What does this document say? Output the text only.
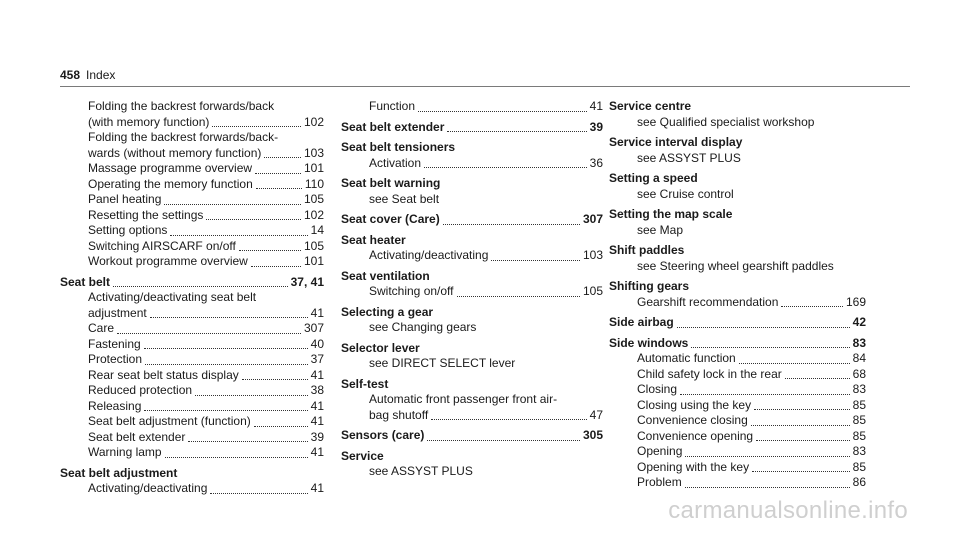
458 Index
Folding the backrest forwards/back
(with memory function)	102
Folding the backrest forwards/back-
wards (without memory function)	103
Massage programme overview	101
Operating the memory function	110
Panel heating	105
Resetting the settings	102
Setting options	14
Switching AIRSCARF on/off	105
Workout programme overview	101
Seat belt	37, 41
Activating/deactivating seat belt
adjustment	41
Care	307
Fastening	40
Protection	37
Rear seat belt status display	41
Reduced protection	38
Releasing	41
Seat belt adjustment (function)	41
Seat belt extender	39
Warning lamp	41
Seat belt adjustment
Activating/deactivating	41
Function	41
Seat belt extender	39
Seat belt tensioners
Activation	36
Seat belt warning
see Seat belt
Seat cover (Care)	307
Seat heater
Activating/deactivating	103
Seat ventilation
Switching on/off	105
Selecting a gear
see Changing gears
Selector lever
see DIRECT SELECT lever
Self-test
Automatic front passenger front air-
bag shutoff	47
Sensors (care)	305
Service
see ASSYST PLUS
Service centre
see Qualified specialist workshop
Service interval display
see ASSYST PLUS
Setting a speed
see Cruise control
Setting the map scale
see Map
Shift paddles
see Steering wheel gearshift paddles
Shifting gears
Gearshift recommendation	169
Side airbag	42
Side windows	83
Automatic function	84
Child safety lock in the rear	68
Closing	83
Closing using the key	85
Convenience closing	85
Convenience opening	85
Opening	83
Opening with the key	85
Problem	86
carmanualsonline.info
